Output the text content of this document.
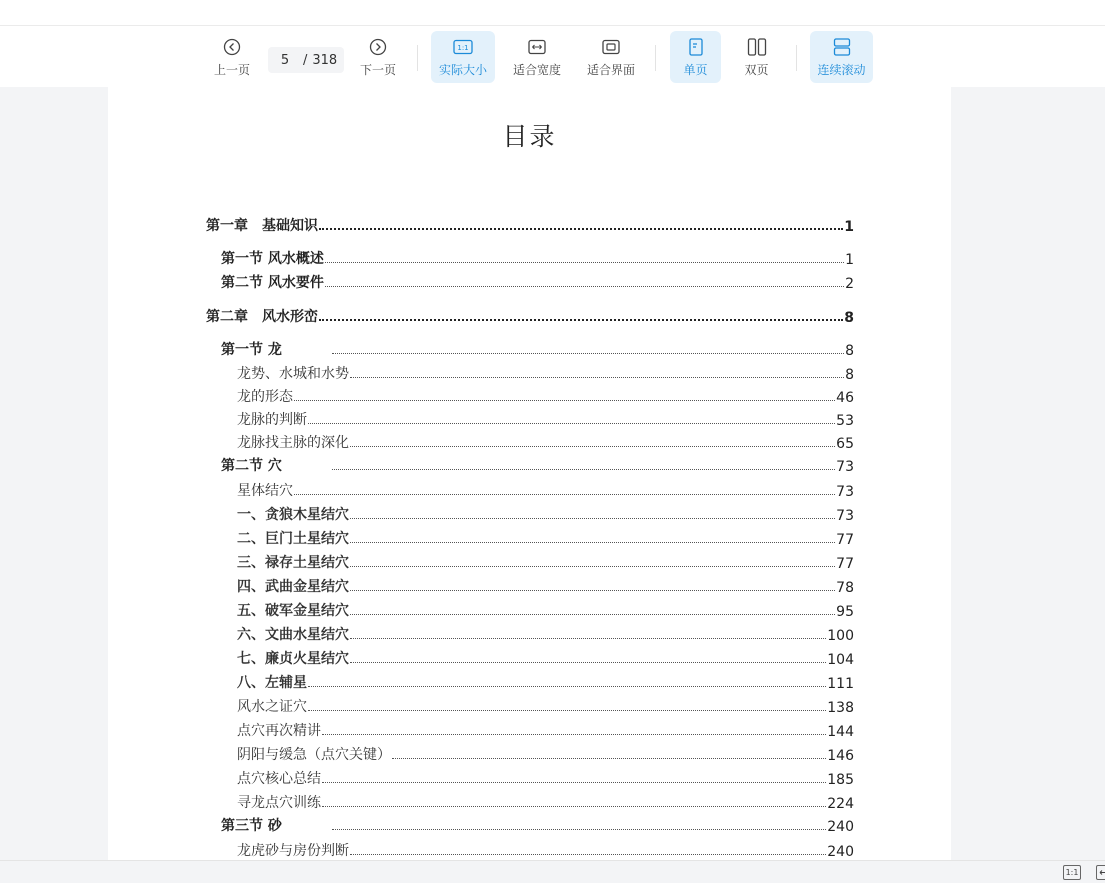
上一页
5	/ 318
下一页
1:1
实际大小 适合宽度 适合界面	单页	双页	连续滚动
目录
第一章　基础知识	1
第一节 风水概述	1
第二节 风水要件	2
第二章　风水形峦	8
第一节 龙	8
龙势、水城和水势	8
龙的形态	46
龙脉的判断	53
龙脉找主脉的深化	65
第二节 穴	73
星体结穴	73
一、贪狼木星结穴	73
二、巨门土星结穴	77
三、禄存土星结穴	77
四、武曲金星结穴	78
五、破军金星结穴	95
六、文曲水星结穴	100
七、廉贞火星结穴	104
八、左辅星	111
风水之证穴	138
点穴再次精讲	144
阴阳与缓急（点穴关键）	146
点穴核心总结	185
寻龙点穴训练	224
第三节 砂	240
龙虎砂与房份判断	240
1:1
